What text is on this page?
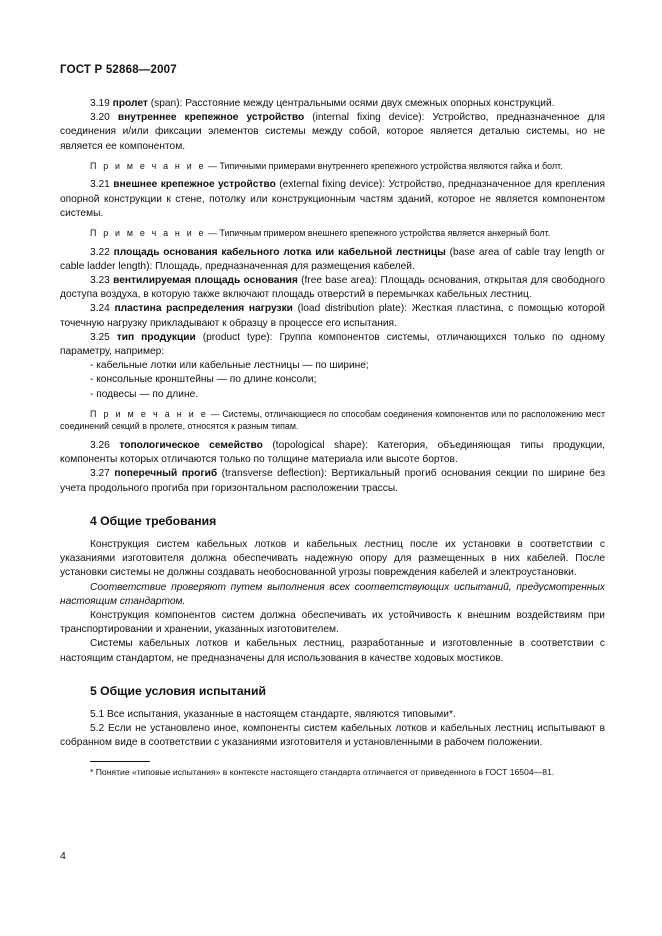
ГОСТ Р 52868—2007

3.19 пролет (span): Расстояние между центральными осями двух смежных опорных конструкций.

3.20 внутреннее крепежное устройство (internal fixing device): Устройство, предназначенное для соединения и/или фиксации элементов системы между собой, которое является деталью системы, но не является ее компонентом.

П р и м е ч а н и е — Типичными примерами внутреннего крепежного устройства являются гайка и болт.

3.21 внешнее крепежное устройство (external fixing device): Устройство, предназначенное для крепления опорной конструкции к стене, потолку или конструкционным частям зданий, которое не является компонентом системы.

П р и м е ч а н и е — Типичным примером внешнего крепежного устройства является анкерный болт.

3.22 площадь основания кабельного лотка или кабельной лестницы (base area of cable tray length or cable ladder length): Площадь, предназначенная для размещения кабелей.

3.23 вентилируемая площадь основания (free base area): Площадь основания, открытая для свободного доступа воздуха, в которую также включают площадь отверстий в перемычках кабельных лестниц.

3.24 пластина распределения нагрузки (load distribution plate): Жесткая пластина, с помощью которой точечную нагрузку прикладывают к образцу в процессе его испытания.

3.25 тип продукции (product type): Группа компонентов системы, отличающихся только по одному параметру, например:

- кабельные лотки или кабельные лестницы — по ширине;
- консольные кронштейны — по длине консоли;
- подвесы — по длине.

П р и м е ч а н и е — Системы, отличающиеся по способам соединения компонентов или по расположению мест соединений секций в пролете, относятся к разным типам.

3.26 топологическое семейство (topological shape): Категория, объединяющая типы продукции, компоненты которых отличаются только по толщине материала или высоте бортов.

3.27 поперечный прогиб (transverse deflection): Вертикальный прогиб основания секции по ширине без учета продольного прогиба при горизонтальном расположении трассы.

4 Общие требования

Конструкция систем кабельных лотков и кабельных лестниц после их установки в соответствии с указаниями изготовителя должна обеспечивать надежную опору для размещенных в них кабелей. После установки системы не должны создавать необоснованной угрозы повреждения кабелей и электроустановки.

Соответствие проверяют путем выполнения всех соответствующих испытаний, предусмотренных настоящим стандартом.

Конструкция компонентов систем должна обеспечивать их устойчивость к внешним воздействиям при транспортировании и хранении, указанных изготовителем.

Системы кабельных лотков и кабельных лестниц, разработанные и изготовленные в соответствии с настоящим стандартом, не предназначены для использования в качестве ходовых мостиков.

5 Общие условия испытаний

5.1 Все испытания, указанные в настоящем стандарте, являются типовыми*.

5.2 Если не установлено иное, компоненты систем кабельных лотков и кабельных лестниц испытывают в собранном виде в соответствии с указаниями изготовителя и установленными в рабочем положении.

* Понятие «типовые испытания» в контексте настоящего стандарта отличается от приведенного в ГОСТ 16504—81.

4
